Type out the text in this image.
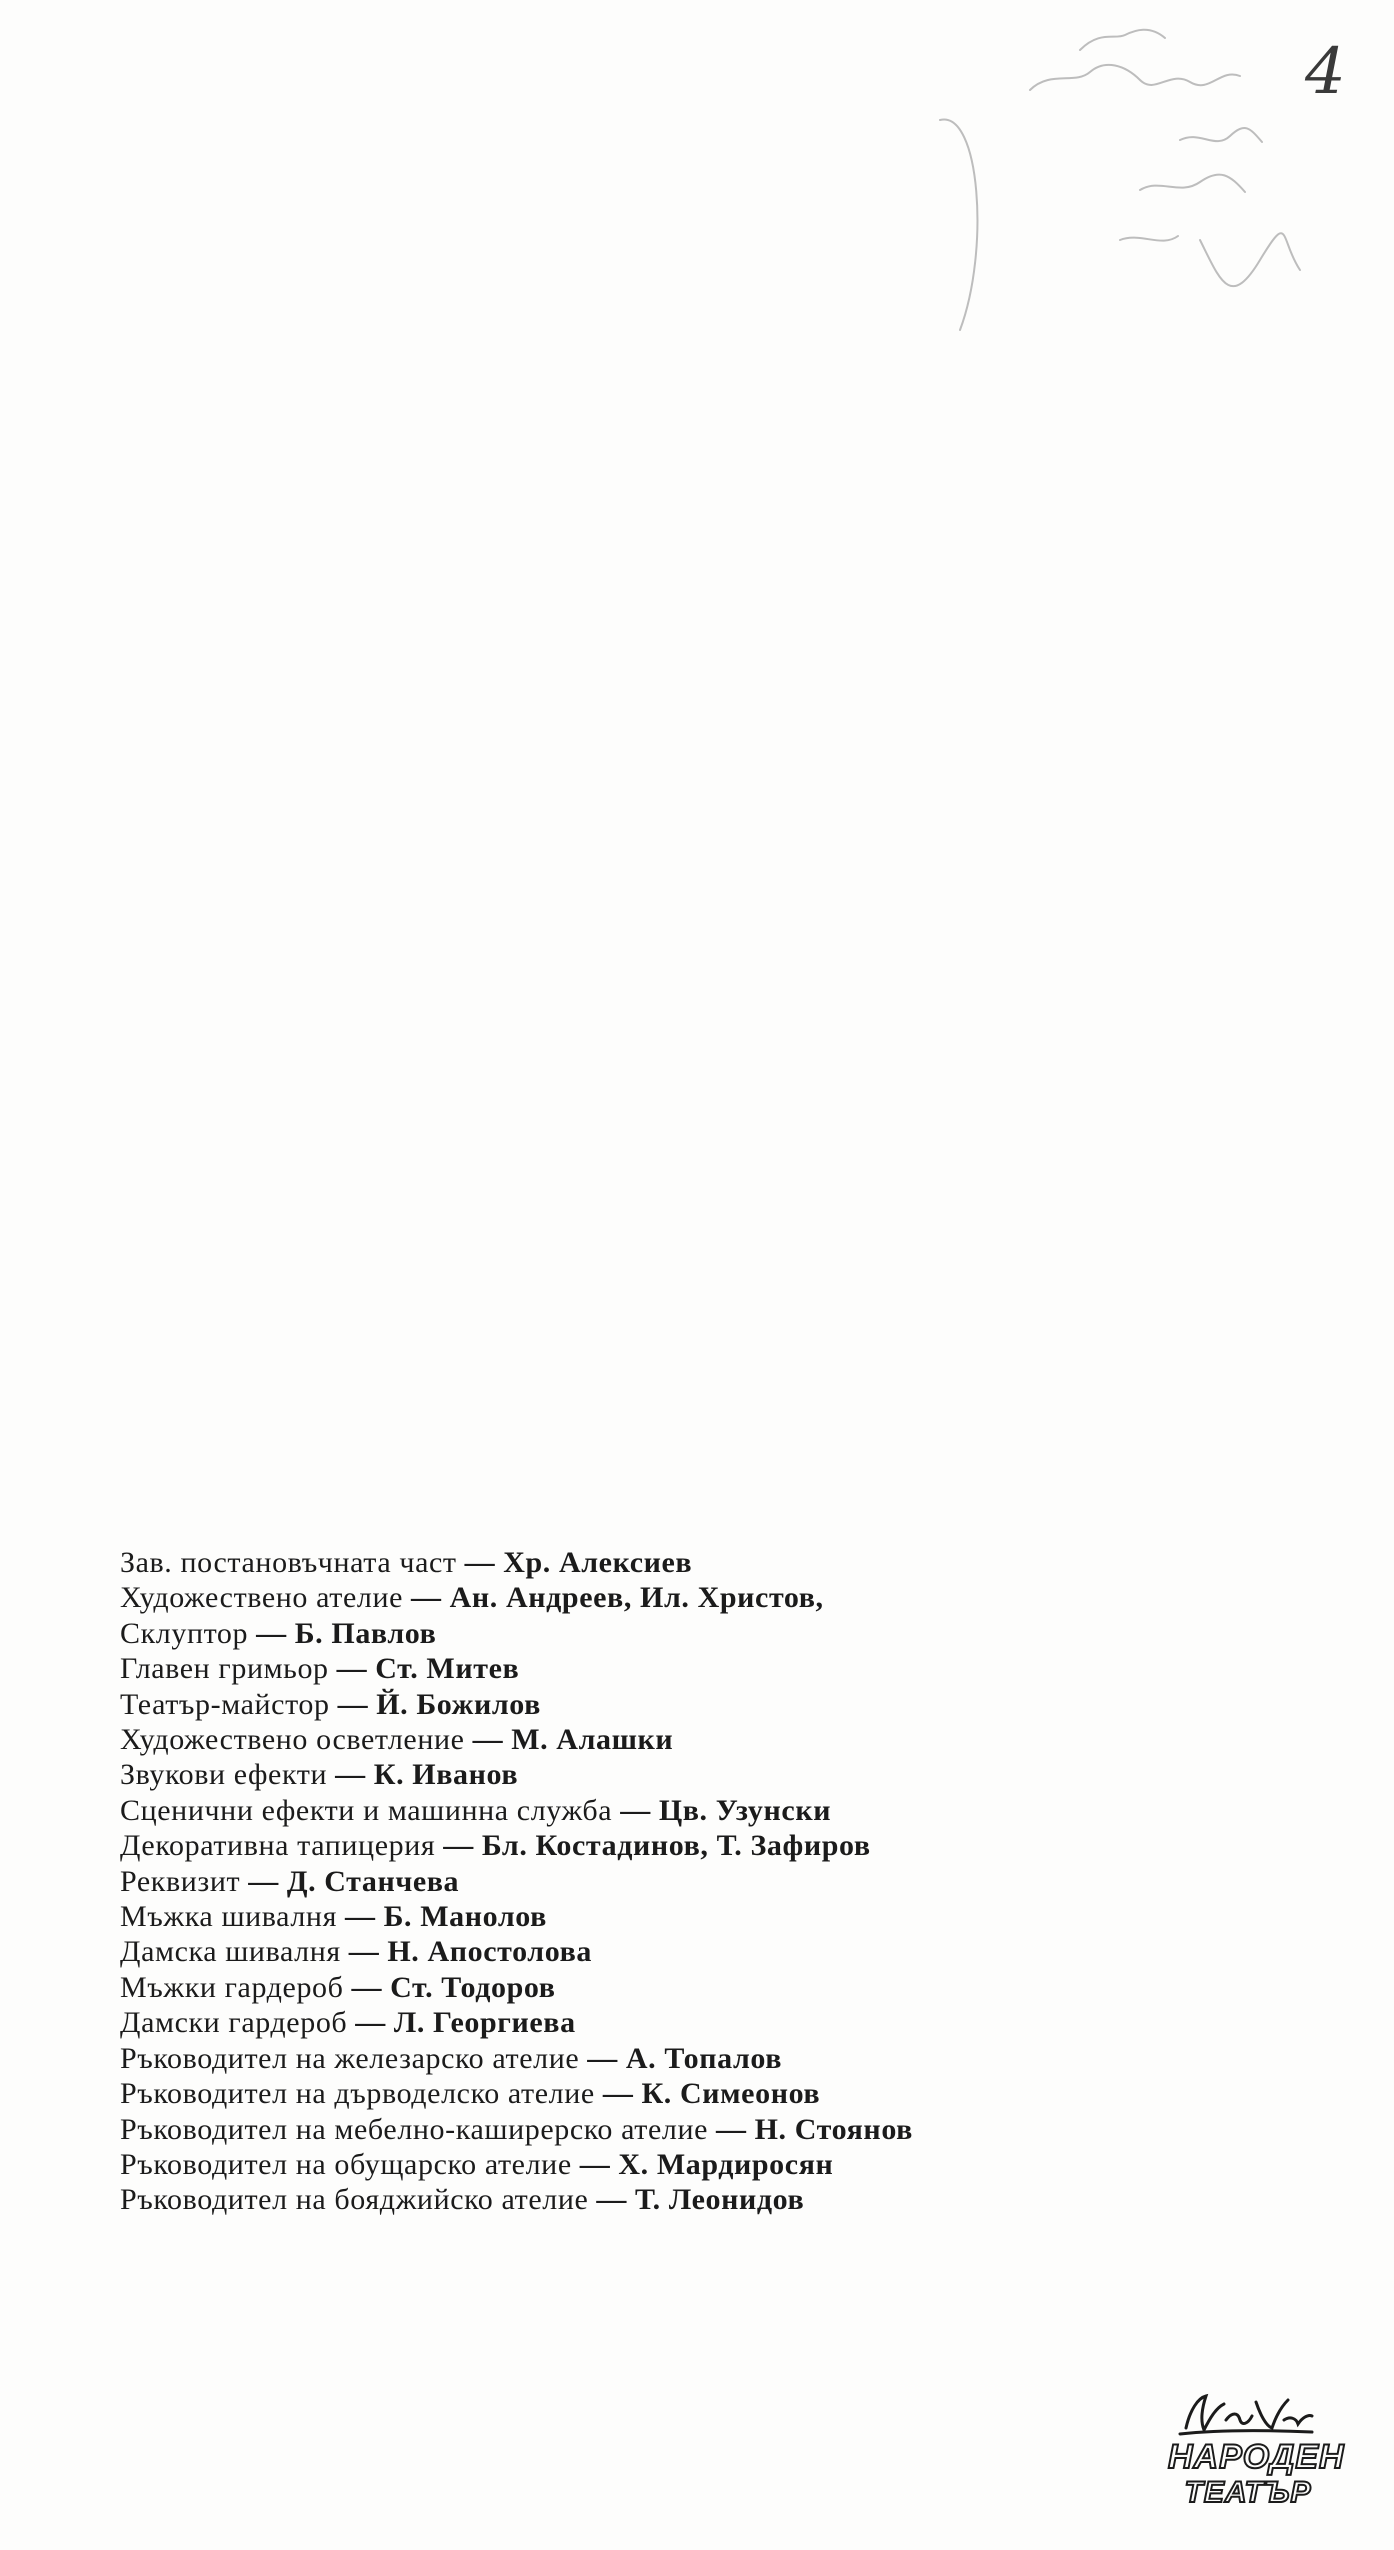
4
Зав. постановъчната част — Хр. Алексиев
Художествено ателие — Ан. Андреев, Ил. Христов,
Склуптор — Б. Павлов
Главен гримьор — Ст. Митев
Театър-майстор — Й. Божилов
Художествено осветление — М. Алашки
Звукови ефекти — К. Иванов
Сценични ефекти и машинна служба — Цв. Узунски
Декоративна тапицерия — Бл. Костадинов, Т. Зафиров
Реквизит — Д. Станчева
Мъжка шивалня — Б. Манолов
Дамска шивалня — Н. Апостолова
Мъжки гардероб — Ст. Тодоров
Дамски гардероб — Л. Георгиева
Ръководител на железарско ателие — А. Топалов
Ръководител на дърводелско ателие — К. Симеонов
Ръководител на мебелно-каширерско ателие — Н. Стоянов
Ръководител на обущарско ателие — Х. Мардиросян
Ръководител на бояджийско ателие — Т. Леонидов
НАРОДЕН
ТЕАТЪР
